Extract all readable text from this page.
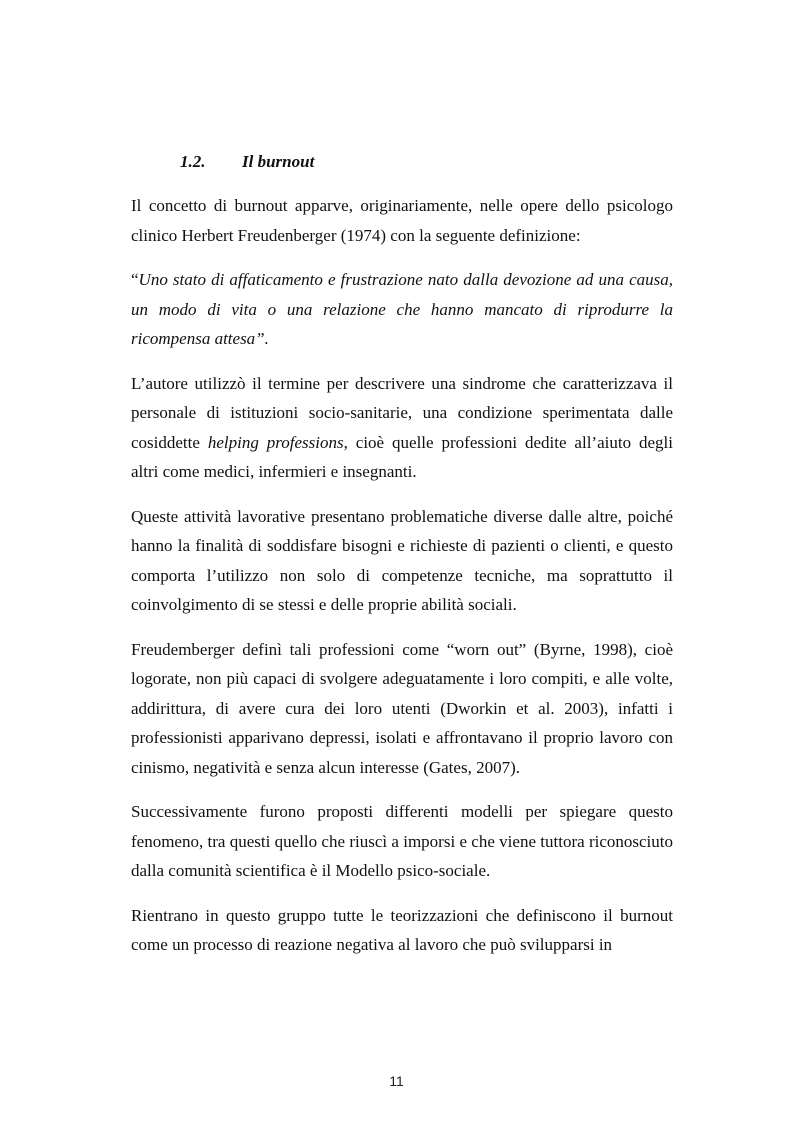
1.2.	Il burnout

Il concetto di burnout apparve, originariamente, nelle opere dello psicologo clinico Herbert Freudenberger (1974) con la seguente definizione:

“Uno stato di affaticamento e frustrazione nato dalla devozione ad una causa, un modo di vita o una relazione che hanno mancato di riprodurre la ricompensa attesa”.

L’autore utilizzò il termine per descrivere una sindrome che caratterizzava il personale di istituzioni socio-sanitarie, una condizione sperimentata dalle cosiddette helping professions, cioè quelle professioni dedite all’aiuto degli altri come medici, infermieri e insegnanti.

Queste attività lavorative presentano problematiche diverse dalle altre, poiché hanno la finalità di soddisfare bisogni e richieste di pazienti o clienti, e questo comporta l’utilizzo non solo di competenze tecniche, ma soprattutto il coinvolgimento di se stessi e delle proprie abilità sociali.

Freudemberger definì tali professioni come “worn out” (Byrne, 1998), cioè logorate, non più capaci di svolgere adeguatamente i loro compiti, e alle volte, addirittura, di avere cura dei loro utenti (Dworkin et al. 2003), infatti i professionisti apparivano depressi, isolati e affrontavano il proprio lavoro con cinismo, negatività e senza alcun interesse (Gates, 2007).

Successivamente furono proposti differenti modelli per spiegare questo fenomeno, tra questi quello che riuscì a imporsi e che viene tuttora riconosciuto dalla comunità scientifica è il Modello psico-sociale.

Rientrano in questo gruppo tutte le teorizzazioni che definiscono il burnout come un processo di reazione negativa al lavoro che può svilupparsi in

11
